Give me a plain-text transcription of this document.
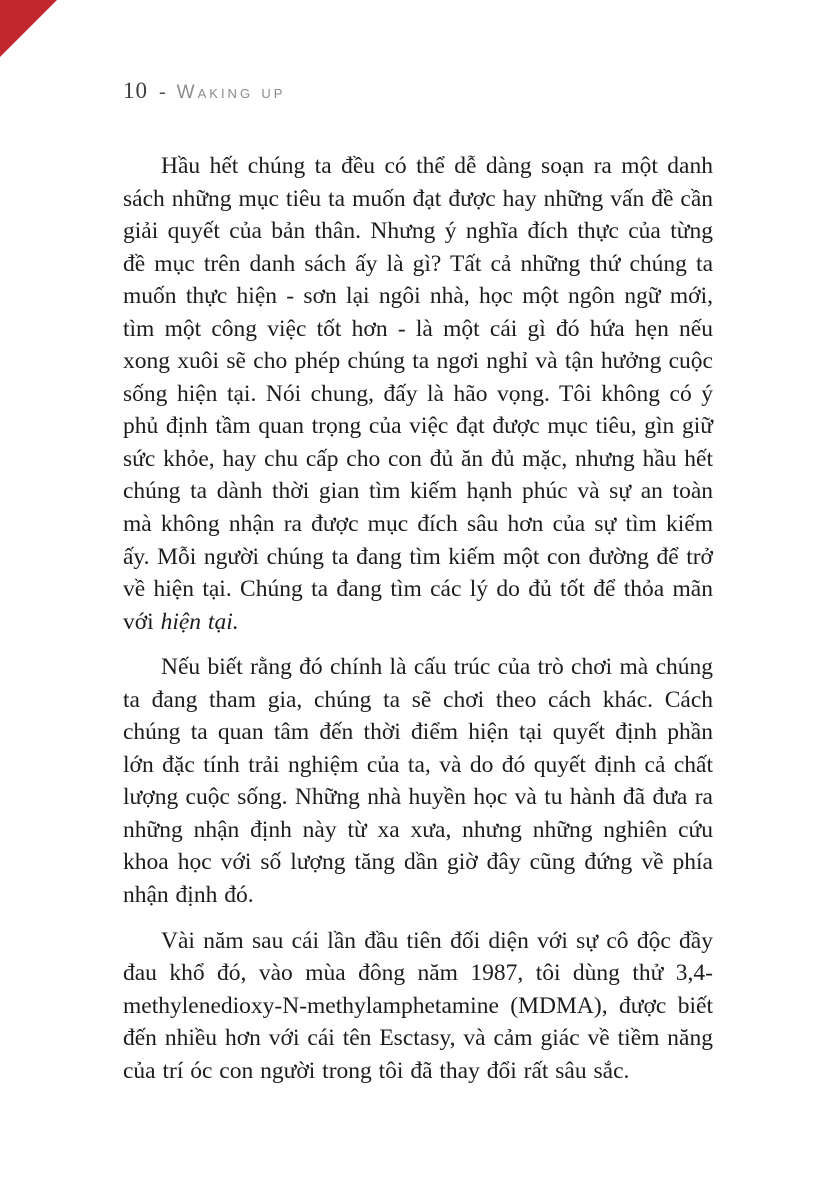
10 - Waking up

Hầu hết chúng ta đều có thể dễ dàng soạn ra một danh sách những mục tiêu ta muốn đạt được hay những vấn đề cần giải quyết của bản thân. Nhưng ý nghĩa đích thực của từng đề mục trên danh sách ấy là gì? Tất cả những thứ chúng ta muốn thực hiện - sơn lại ngôi nhà, học một ngôn ngữ mới, tìm một công việc tốt hơn - là một cái gì đó hứa hẹn nếu xong xuôi sẽ cho phép chúng ta ngơi nghỉ và tận hưởng cuộc sống hiện tại. Nói chung, đấy là hão vọng. Tôi không có ý phủ định tầm quan trọng của việc đạt được mục tiêu, gìn giữ sức khỏe, hay chu cấp cho con đủ ăn đủ mặc, nhưng hầu hết chúng ta dành thời gian tìm kiếm hạnh phúc và sự an toàn mà không nhận ra được mục đích sâu hơn của sự tìm kiếm ấy. Mỗi người chúng ta đang tìm kiếm một con đường để trở về hiện tại. Chúng ta đang tìm các lý do đủ tốt để thỏa mãn với hiện tại.

Nếu biết rằng đó chính là cấu trúc của trò chơi mà chúng ta đang tham gia, chúng ta sẽ chơi theo cách khác. Cách chúng ta quan tâm đến thời điểm hiện tại quyết định phần lớn đặc tính trải nghiệm của ta, và do đó quyết định cả chất lượng cuộc sống. Những nhà huyền học và tu hành đã đưa ra những nhận định này từ xa xưa, nhưng những nghiên cứu khoa học với số lượng tăng dần giờ đây cũng đứng về phía nhận định đó.

Vài năm sau cái lần đầu tiên đối diện với sự cô độc đầy đau khổ đó, vào mùa đông năm 1987, tôi dùng thử 3,4-methylenedioxy-N-methylamphetamine (MDMA), được biết đến nhiều hơn với cái tên Esctasy, và cảm giác về tiềm năng của trí óc con người trong tôi đã thay đổi rất sâu sắc.
